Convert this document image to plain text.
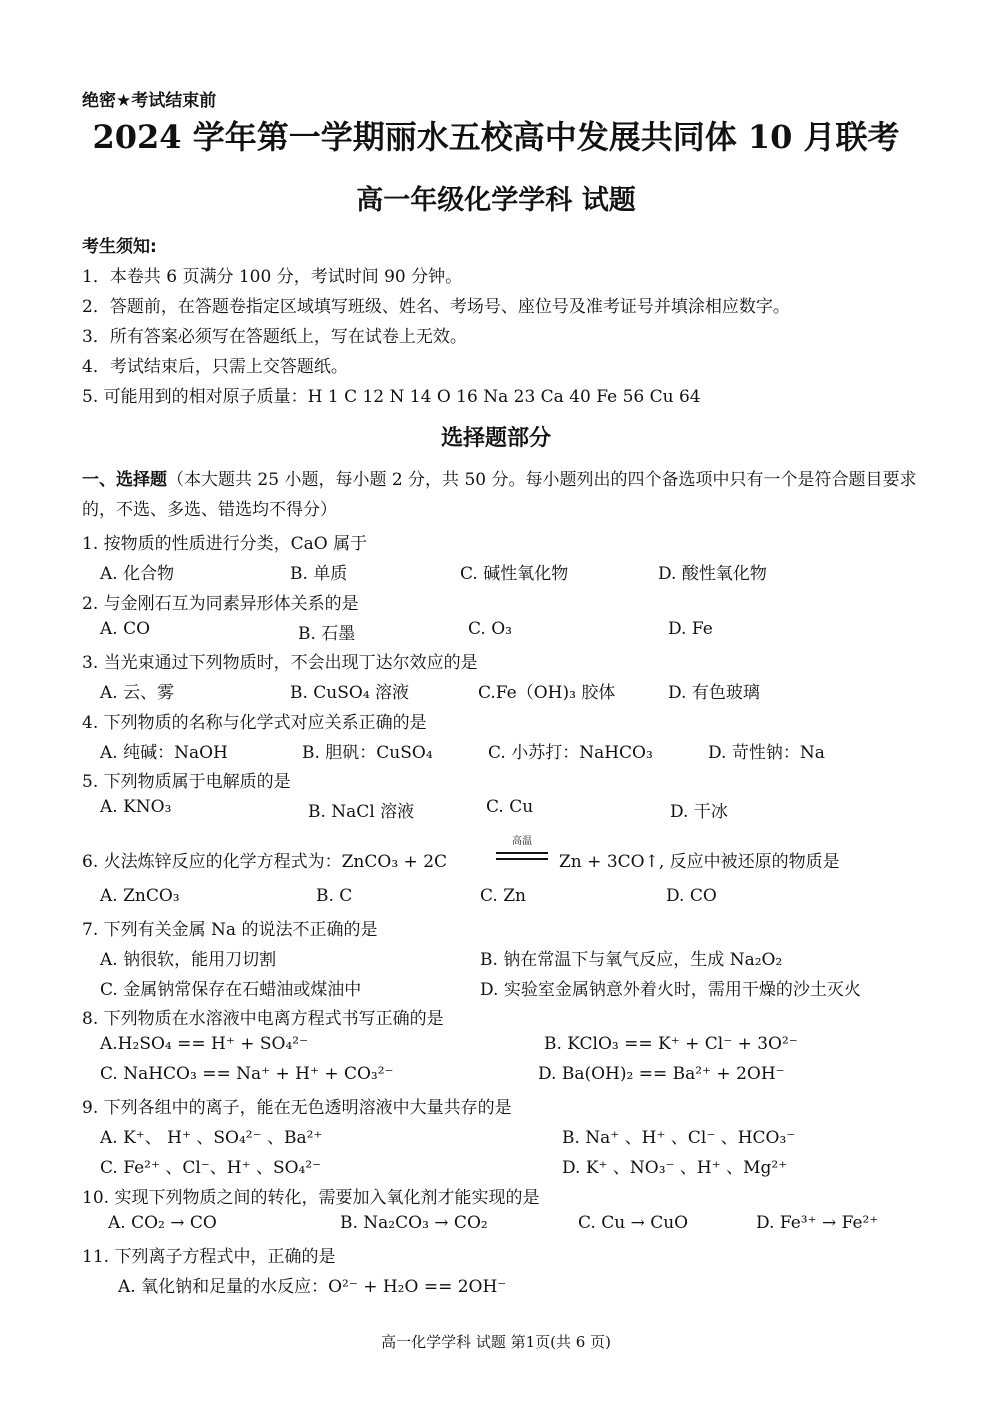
绝密★考试结束前
2024 学年第一学期丽水五校高中发展共同体 10 月联考
高一年级化学学科 试题
考生须知:
1．本卷共 6 页满分 100 分，考试时间 90 分钟。
2．答题前，在答题卷指定区域填写班级、姓名、考场号、座位号及准考证号并填涂相应数字。
3．所有答案必须写在答题纸上，写在试卷上无效。
4．考试结束后，只需上交答题纸。
5. 可能用到的相对原子质量：H 1 C 12 N 14 O 16 Na 23 Ca 40 Fe 56 Cu 64
选择题部分
一、选择题（本大题共 25 小题，每小题 2 分，共 50 分。每小题列出的四个备选项中只有一个是符合题目要求的，不选、多选、错选均不得分）
1. 按物质的性质进行分类，CaO 属于
A. 化合物	B. 单质	C. 碱性氧化物	D. 酸性氧化物
2. 与金刚石互为同素异形体关系的是
A. CO	B. 石墨	C. O₃	D. Fe
3. 当光束通过下列物质时，不会出现丁达尔效应的是
A. 云、雾	B. CuSO₄ 溶液	C.Fe（OH)₃ 胶体	D. 有色玻璃
4. 下列物质的名称与化学式对应关系正确的是
A. 纯碱：NaOH	B. 胆矾：CuSO₄	C. 小苏打：NaHCO₃	D. 苛性钠：Na
5. 下列物质属于电解质的是
A. KNO₃	B. NaCl 溶液	C. Cu	D. 干冰
6. 火法炼锌反应的化学方程式为：ZnCO₃ + 2C
高温
Zn + 3CO↑, 反应中被还原的物质是
A. ZnCO₃	B. C	C. Zn	D. CO
7. 下列有关金属 Na 的说法不正确的是
A. 钠很软，能用刀切割	B. 钠在常温下与氧气反应，生成 Na₂O₂
C. 金属钠常保存在石蜡油或煤油中	D. 实验室金属钠意外着火时，需用干燥的沙土灭火
8. 下列物质在水溶液中电离方程式书写正确的是
A.H₂SO₄ == H⁺ + SO₄²⁻	B. KClO₃ == K⁺ + Cl⁻ + 3O²⁻
C. NaHCO₃ == Na⁺ + H⁺ + CO₃²⁻	D. Ba(OH)₂ == Ba²⁺ + 2OH⁻
9. 下列各组中的离子，能在无色透明溶液中大量共存的是
A. K⁺、 H⁺ 、SO₄²⁻ 、Ba²⁺	B. Na⁺ 、H⁺ 、Cl⁻ 、HCO₃⁻
C. Fe²⁺ 、Cl⁻、H⁺ 、SO₄²⁻	D. K⁺ 、NO₃⁻ 、H⁺ 、Mg²⁺
10. 实现下列物质之间的转化，需要加入氧化剂才能实现的是
A. CO₂ → CO	B. Na₂CO₃ → CO₂	C. Cu → CuO	D. Fe³⁺ → Fe²⁺
11. 下列离子方程式中，正确的是
A. 氧化钠和足量的水反应：O²⁻ + H₂O == 2OH⁻
高一化学学科 试题 第1页(共 6 页)
